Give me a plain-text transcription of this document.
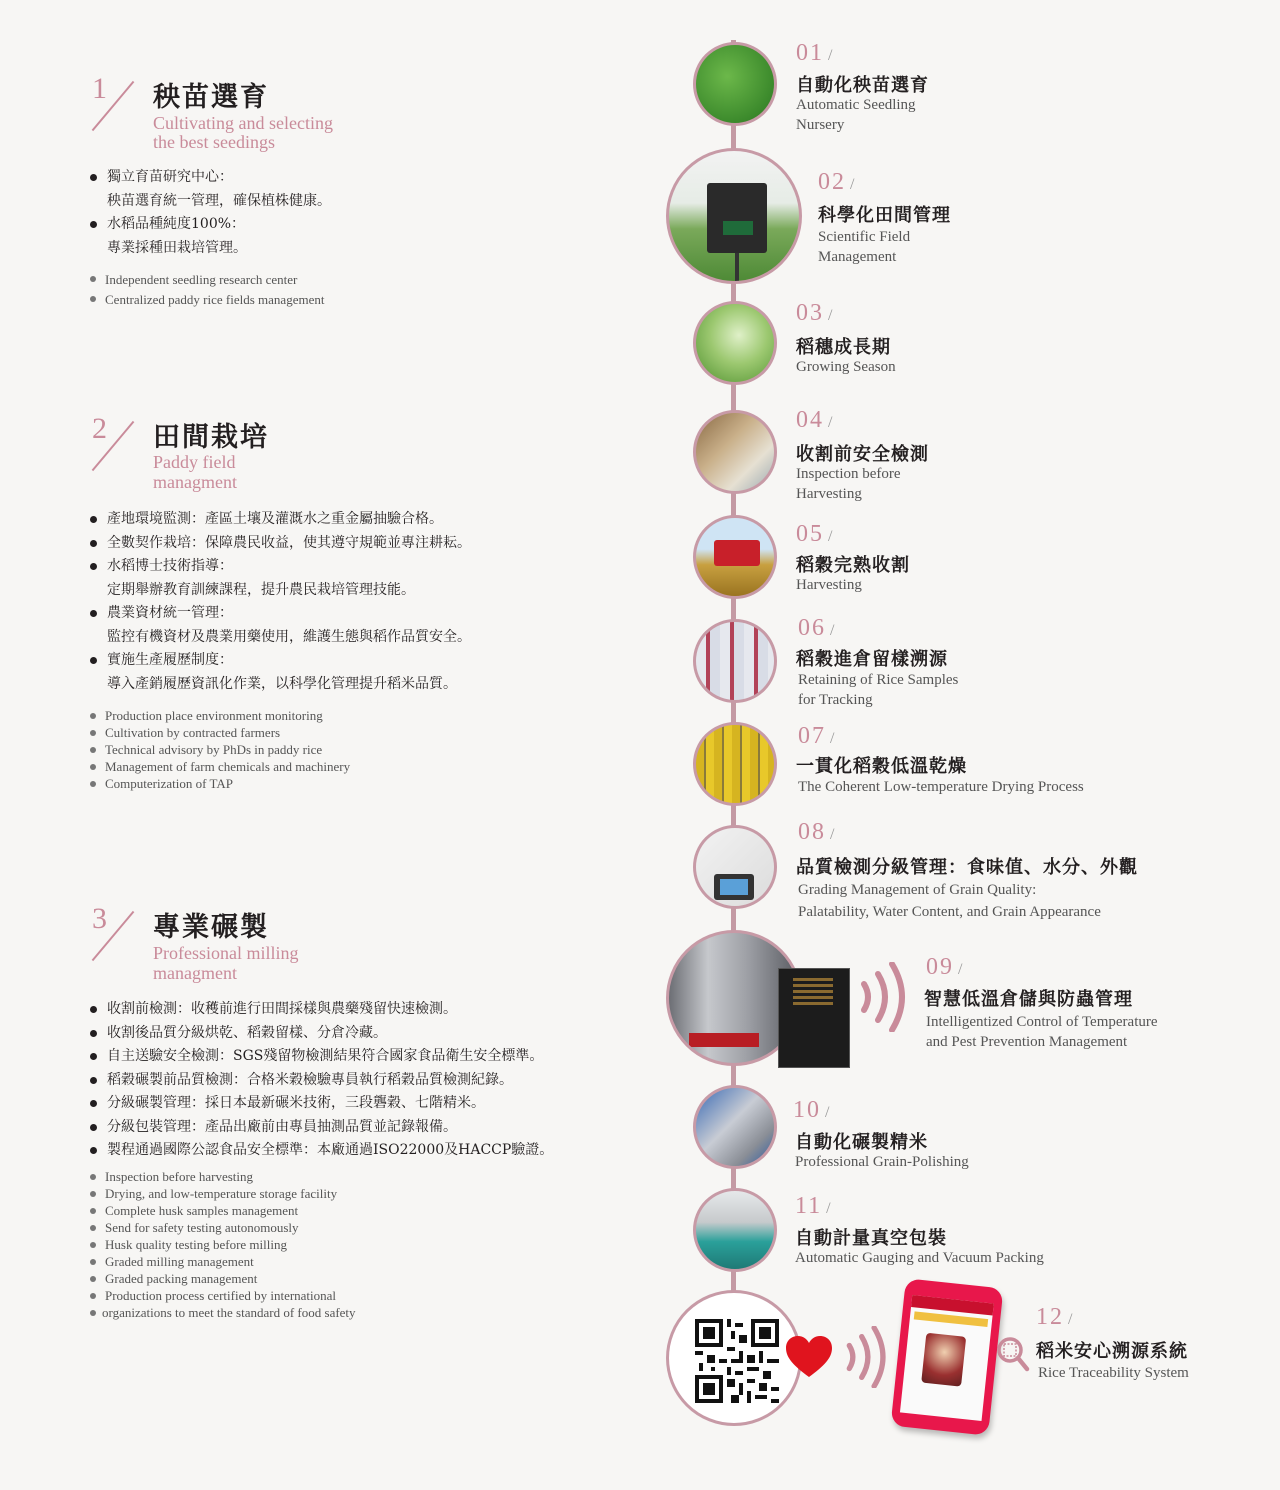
1 秧苗選育
Cultivating and selecting
the best seedings
獨立育苗研究中心：
秧苗選育統一管理，確保植株健康。
水稻品種純度100%：
專業採種田栽培管理。
Independent seedling research center
Centralized paddy rice fields management
2 田間栽培
Paddy field
managment
產地環境監測：產區土壤及灌溉水之重金屬抽驗合格。
全數契作栽培：保障農民收益，使其遵守規範並專注耕耘。
水稻博士技術指導：
定期舉辦教育訓練課程，提升農民栽培管理技能。
農業資材統一管理：
監控有機資材及農業用藥使用，維護生態與稻作品質安全。
實施生產履歷制度：
導入產銷履歷資訊化作業，以科學化管理提升稻米品質。
Production place environment monitoring
Cultivation by contracted farmers
Technical advisory by PhDs in paddy rice
Management of farm chemicals and machinery
Computerization of TAP
3 專業碾製
Professional milling
managment
收割前檢測：收穫前進行田間採樣與農藥殘留快速檢測。
收割後品質分級烘乾、稻穀留樣、分倉冷藏。
自主送驗安全檢測：SGS殘留物檢測結果符合國家食品衛生安全標準。
稻穀碾製前品質檢測：合格米穀檢驗專員執行稻穀品質檢測紀錄。
分級碾製管理：採日本最新碾米技術，三段礱穀、七階精米。
分級包裝管理：產品出廠前由專員抽測品質並記錄報備。
製程通過國際公認食品安全標準：本廠通過ISO22000及HACCP驗證。
Inspection before harvesting
Drying, and low-temperature storage facility
Complete husk samples management
Send for safety testing autonomously
Husk quality testing before milling
Graded milling management
Graded packing management
Production process certified by international
organizations to meet the standard of food safety
01 /
自動化秧苗選育
Automatic Seedling
Nursery
02 /
科學化田間管理
Scientific Field
Management
03 /
稻穗成長期
Growing Season
04 /
收割前安全檢測
Inspection before
Harvesting
05 /
稻穀完熟收割
Harvesting
06 /
稻穀進倉留樣溯源
Retaining of Rice Samples
for Tracking
07 /
一貫化稻穀低溫乾燥
The Coherent Low-temperature Drying Process
08 /
品質檢測分級管理：食味值、水分、外觀
Grading Management of Grain Quality:
Palatability, Water Content, and Grain Appearance
09 /
智慧低溫倉儲與防蟲管理
Intelligentized Control of Temperature
and Pest Prevention Management
10 /
自動化碾製精米
Professional Grain-Polishing
11 /
自動計量真空包裝
Automatic Gauging and Vacuum Packing
12 /
稻米安心溯源系統
Rice Traceability System
